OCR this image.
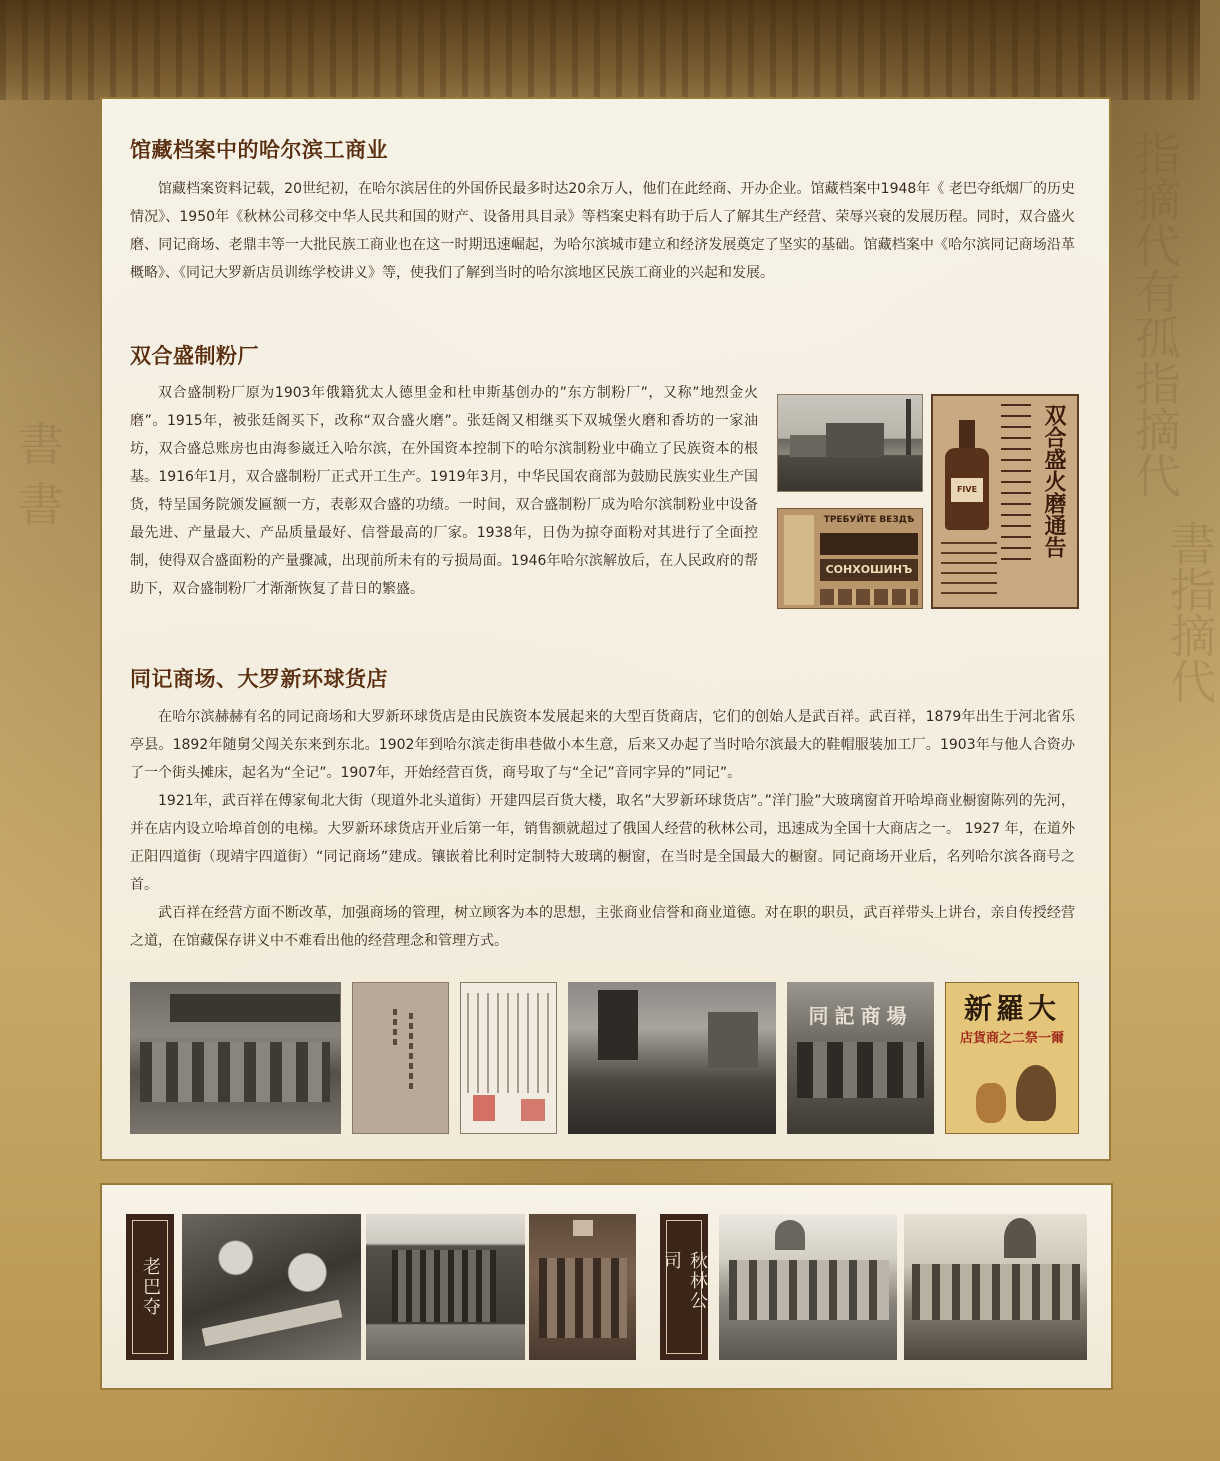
書 書	指摘代有孤指摘代
書指摘代
馆藏档案中的哈尔滨工商业

馆藏档案资料记载，20世纪初，在哈尔滨居住的外国侨民最多时达20余万人，他们在此经商、开办企业。馆藏档案中1948年《 老巴夺纸烟厂的历史情况》、1950年《秋林公司移交中华人民共和国的财产、设备用具目录》等档案史料有助于后人了解其生产经营、荣辱兴衰的发展历程。同时，双合盛火磨、同记商场、老鼎丰等一大批民族工商业也在这一时期迅速崛起，为哈尔滨城市建立和经济发展奠定了坚实的基础。馆藏档案中《哈尔滨同记商场沿革概略》、《同记大罗新店员训练学校讲义》等，使我们了解到当时的哈尔滨地区民族工商业的兴起和发展。

双合盛制粉厂

双合盛制粉厂原为1903年俄籍犹太人德里金和杜申斯基创办的”东方制粉厂”，又称”地烈金火磨”。1915年，被张廷阁买下，改称“双合盛火磨”。张廷阁又相继买下双城堡火磨和香坊的一家油坊，双合盛总账房也由海参崴迁入哈尔滨，在外国资本控制下的哈尔滨制粉业中确立了民族资本的根基。1916年1月，双合盛制粉厂正式开工生产。1919年3月，中华民国农商部为鼓励民族实业生产国货，特呈国务院颁发匾额一方，表彰双合盛的功绩。一时间，双合盛制粉厂成为哈尔滨制粉业中设备最先进、产量最大、产品质量最好、信誉最高的厂家。1938年，日伪为掠夺面粉对其进行了全面控制，使得双合盛面粉的产量骤减，出现前所未有的亏损局面。1946年哈尔滨解放后，在人民政府的帮助下，双合盛制粉厂才渐渐恢复了昔日的繁盛。

ТРЕБУЙТЕ ВЕЗДѢ
СОНХОШИНЪ
FIVE	双合盛火磨通告
同记商场、大罗新环球货店

在哈尔滨赫赫有名的同记商场和大罗新环球货店是由民族资本发展起来的大型百货商店，它们的创始人是武百祥。武百祥，1879年出生于河北省乐亭县。1892年随舅父闯关东来到东北。1902年到哈尔滨走街串巷做小本生意，后来又办起了当时哈尔滨最大的鞋帽服装加工厂。1903年与他人合资办了一个街头摊床，起名为“全记”。1907年，开始经营百货，商号取了与“全记”音同字异的”同记”。

1921年，武百祥在傅家甸北大街（现道外北头道街）开建四层百货大楼，取名”大罗新环球货店”。”洋门脸”大玻璃窗首开哈埠商业橱窗陈列的先河，并在店内设立哈埠首创的电梯。大罗新环球货店开业后第一年，销售额就超过了俄国人经营的秋林公司，迅速成为全国十大商店之一。 1927 年，在道外正阳四道街（现靖宇四道街）“同记商场”建成。镶嵌着比利时定制特大玻璃的橱窗，在当时是全国最大的橱窗。同记商场开业后，名列哈尔滨各商号之首。

武百祥在经营方面不断改革，加强商场的管理，树立顾客为本的思想，主张商业信誉和商业道德。对在职的职员，武百祥带头上讲台，亲自传授经营之道，在馆藏保存讲义中不难看出他的经营理念和管理方式。

同記商場	新羅大
店貨商之二祭一爾
老巴夺	秋林公司
